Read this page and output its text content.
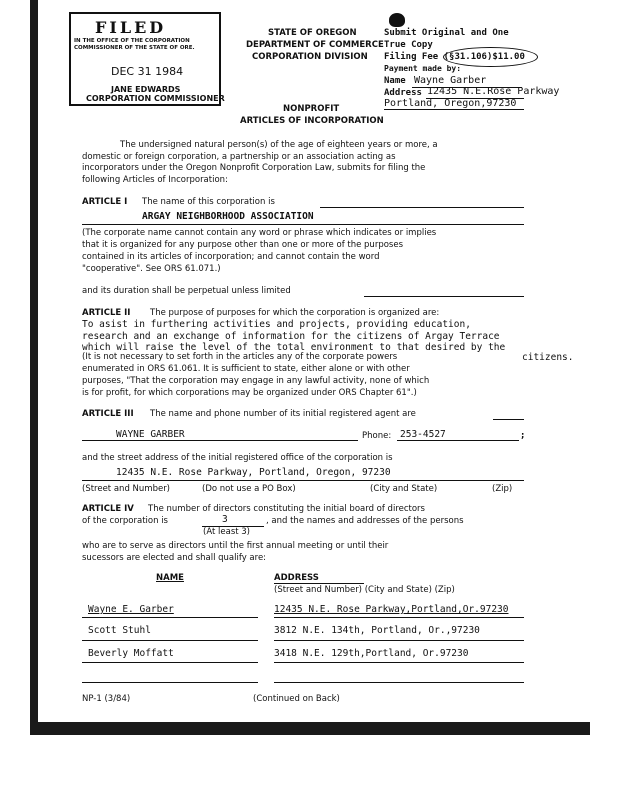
FILED
IN THE OFFICE OF THE CORPORATION
COMMISSIONER OF THE STATE OF ORE.
DEC 31 1984
JANE EDWARDS
CORPORATION COMMISSIONER
STATE OF OREGON
DEPARTMENT OF COMMERCE
CORPORATION DIVISION
Submit Original and One
True Copy
Filing Fee (§31.106)$11.00
Payment made by:
Name Wayne Garber
Address 12435 N.E.Rose Parkway
Portland, Oregon,97230
NONPROFIT
ARTICLES OF INCORPORATION
The undersigned natural person(s) of the age of eighteen years or more, a
domestic or foreign corporation, a partnership or an association acting as
incorporators under the Oregon Nonprofit Corporation Law, submits for filing the
following Articles of Incorporation:
ARTICLE I The name of this corporation is
ARGAY NEIGHBORHOOD ASSOCIATION
(The corporate name cannot contain any word or phrase which indicates or implies
that it is organized for any purpose other than one or more of the purposes
contained in its articles of incorporation; and cannot contain the word
"cooperative". See ORS 61.071.)
and its duration shall be perpetual unless limited
ARTICLE II The purpose of purposes for which the corporation is organized are:
To asist in furthering activities and projects, providing education,
research and an exchange of information for the citizens of Argay Terrace
which will raise the level of the total environment to that desired by the
(It is not necessary to set forth in the articles any of the corporate powers	citizens.
enumerated in ORS 61.061. It is sufficient to state, either alone or with other
purposes, "That the corporation may engage in any lawful activity, none of which
is for profit, for which corporations may be organized under ORS Chapter 61".)
ARTICLE III The name and phone number of its initial registered agent are
WAYNE GARBER	Phone: 253-4527	;
and the street address of the initial registered office of the corporation is
12435 N.E. Rose Parkway, Portland, Oregon, 97230
(Street and Number)	(Do not use a PO Box)	(City and State)	(Zip)
ARTICLE IV The number of directors constituting the initial board of directors
of the corporation is	3	, and the names and addresses of the persons
(At least 3)
who are to serve as directors until the first annual meeting or until their
sucessors are elected and shall qualify are:
NAME	ADDRESS
(Street and Number) (City and State) (Zip)
Wayne E. Garber	12435 N.E. Rose Parkway,Portland,Or.97230
Scott Stuhl	3812 N.E. 134th, Portland, Or.,97230
Beverly Moffatt	3418 N.E. 129th,Portland, Or.97230
NP-1 (3/84)	(Continued on Back)
